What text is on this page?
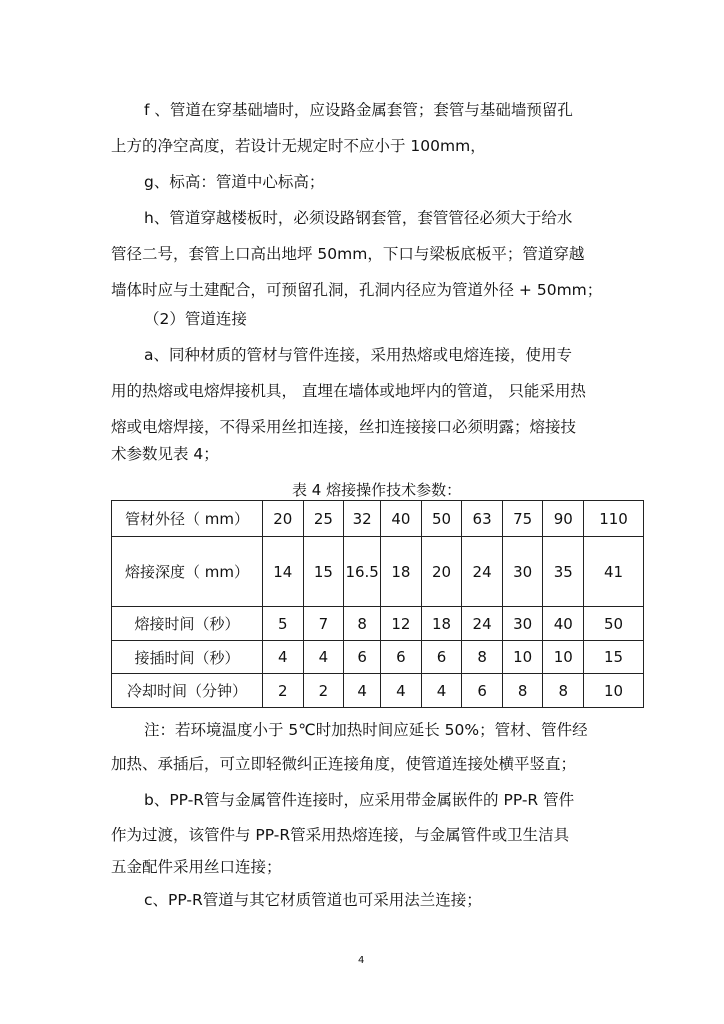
f 、管道在穿基础墙时，应设路金属套管；套管与基础墙预留孔
上方的净空高度，若设计无规定时不应小于 100mm，
g、标高：管道中心标高；
h、管道穿越楼板时，必须设路钢套管，套管管径必须大于给水
管径二号，套管上口高出地坪 50mm，下口与梁板底板平；管道穿越
墙体时应与土建配合，可预留孔洞，孔洞内径应为管道外径 + 50mm；
（2）管道连接
a、同种材质的管材与管件连接，采用热熔或电熔连接，使用专
用的热熔或电熔焊接机具， 直埋在墙体或地坪内的管道， 只能采用热
熔或电熔焊接，不得采用丝扣连接，丝扣连接接口必须明露；熔接技
术参数见表 4；
表 4 熔接操作技术参数：
管材外径（ mm）	20	25	32	40	50	63	75	90	110
熔接深度（ mm）	14	15	16.5	18	20	24	30	35	41
熔接时间（秒）	5	7	8	12	18	24	30	40	50
接插时间（秒）	4	4	6	6	6	8	10	10	15
冷却时间（分钟）	2	2	4	4	4	6	8	8	10
注：若环境温度小于 5℃时加热时间应延长 50%；管材、管件经
加热、承插后，可立即轻微纠正连接角度，使管道连接处横平竖直；
b、PP-R管与金属管件连接时，应采用带金属嵌件的 PP-R 管件
作为过渡，该管件与 PP-R管采用热熔连接，与金属管件或卫生洁具
五金配件采用丝口连接；
c、PP-R管道与其它材质管道也可采用法兰连接；
4
